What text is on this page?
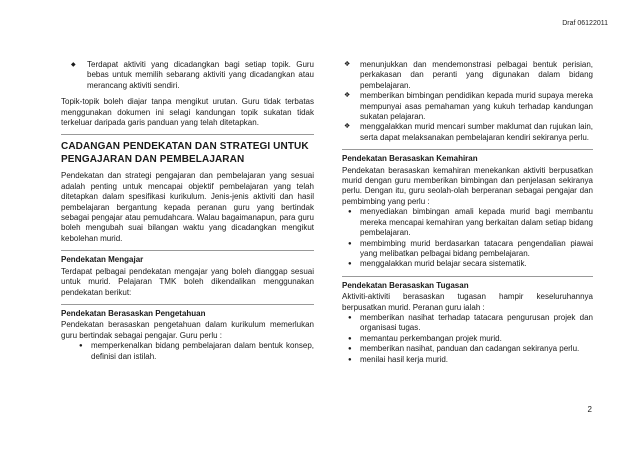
Draf 06122011
◆ Terdapat aktiviti yang dicadangkan bagi setiap topik. Guru bebas untuk memilih sebarang aktiviti yang dicadangkan atau merancang aktiviti sendiri.

Topik-topik boleh diajar tanpa mengikut urutan. Guru tidak terbatas menggunakan dokumen ini selagi kandungan topik sukatan tidak terkeluar daripada garis panduan yang telah ditetapkan.

CADANGAN PENDEKATAN DAN STRATEGI UNTUK PENGAJARAN DAN PEMBELAJARAN

Pendekatan dan strategi pengajaran dan pembelajaran yang sesuai adalah penting untuk mencapai objektif pembelajaran yang telah ditetapkan dalam spesifikasi kurikulum. Jenis-jenis aktiviti dan hasil pembelajaran bergantung kepada peranan guru yang bertindak sebagai pengajar atau pemudahcara. Walau bagaimanapun, para guru boleh mengubah suai bilangan waktu yang dicadangkan mengikut kebolehan murid.

Pendekatan Mengajar

Terdapat pelbagai pendekatan mengajar yang boleh dianggap sesuai untuk murid. Pelajaran TMK boleh dikendalikan menggunakan pendekatan berikut:

Pendekatan Berasaskan Pengetahuan

Pendekatan berasaskan pengetahuan dalam kurikulum memerlukan guru bertindak sebagai pengajar. Guru perlu :

● memperkenalkan bidang pembelajaran dalam bentuk konsep, definisi dan istilah.
❖ menunjukkan dan mendemonstrasi pelbagai bentuk perisian, perkakasan dan peranti yang digunakan dalam bidang pembelajaran.
❖ memberikan bimbingan pendidikan kepada murid supaya mereka mempunyai asas pemahaman yang kukuh terhadap kandungan sukatan pelajaran.
❖ menggalakkan murid mencari sumber maklumat dan rujukan lain, serta dapat melaksanakan pembelajaran kendiri sekiranya perlu.
Pendekatan Berasaskan Kemahiran

Pendekatan berasaskan kemahiran menekankan aktiviti berpusatkan murid dengan guru memberikan bimbingan dan penjelasan sekiranya perlu. Dengan itu, guru seolah-olah berperanan sebagai pengajar dan pembimbing yang perlu :

● menyediakan bimbingan amali kepada murid bagi membantu mereka mencapai kemahiran yang berkaitan dalam setiap bidang pembelajaran.
● membimbing murid berdasarkan tatacara pengendalian piawai yang melibatkan pelbagai bidang pembelajaran.
● menggalakkan murid belajar secara sistematik.
Pendekatan Berasaskan Tugasan

Aktiviti-aktiviti berasaskan tugasan hampir keseluruhannya berpusatkan murid. Peranan guru ialah :

● memberikan nasihat terhadap tatacara pengurusan projek dan organisasi tugas.
● memantau perkembangan projek murid.
● memberikan nasihat, panduan dan cadangan sekiranya perlu.
● menilai hasil kerja murid.
2
